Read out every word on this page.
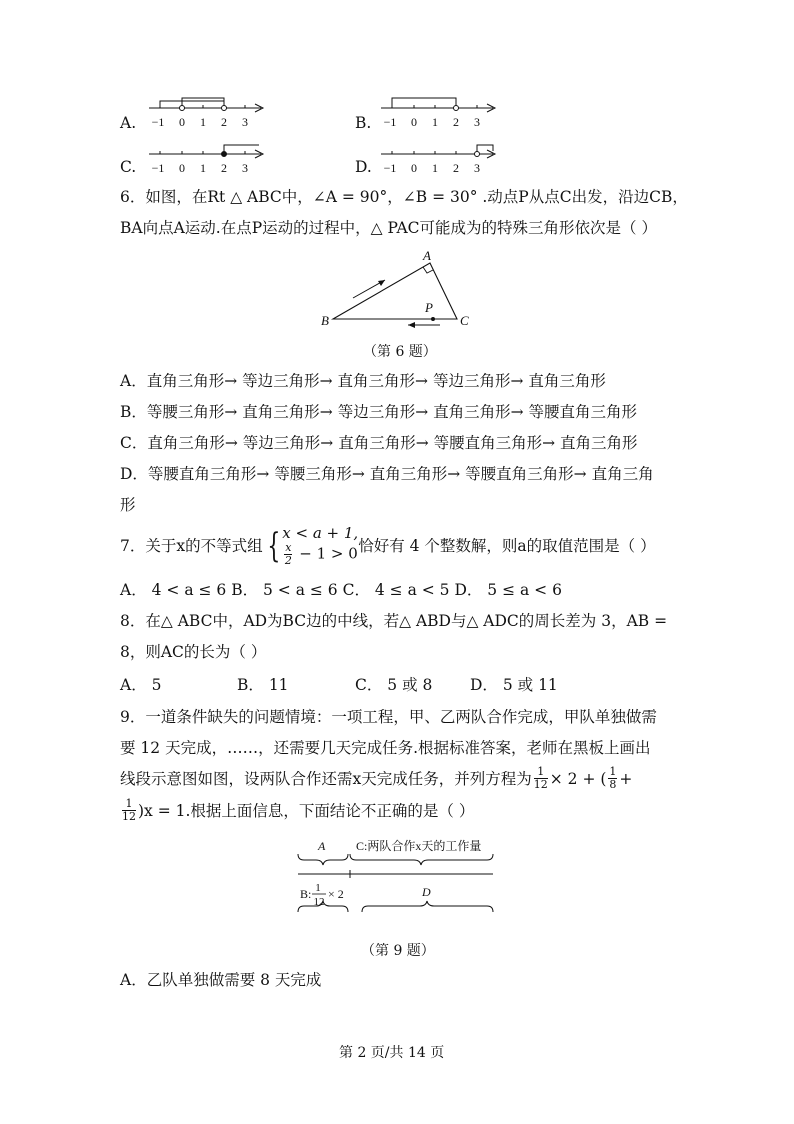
A. −1 0 1 2 3	B. −1 0 1 2 3
C. −1 0 1 2 3	D. −1 0 1 2 3
6．如图，在Rt △ ABC中，∠A = 90°，∠B = 30° .动点P从点C出发，沿边CB，
BA向点A运动.在点P运动的过程中，△ PAC可能成为的特殊三角形依次是（ ）
A
B	C
P
（第 6 题）
A．直角三角形→ 等边三角形→ 直角三角形→ 等边三角形→ 直角三角形
B．等腰三角形→ 直角三角形→ 等边三角形→ 直角三角形→ 等腰直角三角形
C．直角三角形→ 等边三角形→ 直角三角形→ 等腰直角三角形→ 直角三角形
D．等腰直角三角形→ 等腰三角形→ 直角三角形→ 等腰直角三角形→ 直角三角
形
7．关于x的不等式组 { x < a + 1,
$\frac{x}{2} - 1 > 0$ 恰好有 4 个整数解，则a的取值范围是（ ）
A． 4 < a ≤ 6 B． 5 < a ≤ 6 C． 4 ≤ a < 5 D． 5 ≤ a < 6
8．在△ ABC中，AD为BC边的中线，若△ ABD与△ ADC的周长差为 3，AB =
8，则AC的长为（ ）
A． 5	B． 11	C． 5 或 8 D． 5 或 11
9．一道条件缺失的问题情境：一项工程，甲、乙两队合作完成，甲队单独做需
要 12 天完成，……，还需要几天完成任务.根据标准答案，老师在黑板上画出
线段示意图如图，设两队合作还需x天完成任务，并列方程为 $\frac{1}{12} \times 2$ + ( $\frac{1}{8}$ +
$\frac{1}{12} )x = 1$.根据上面信息，下面结论不正确的是（ ）
A	C:两队合作x天的工作量
B: 1
12
× 2	D
（第 9 题）
A．乙队单独做需要 8 天完成
第 2 页/共 14 页
